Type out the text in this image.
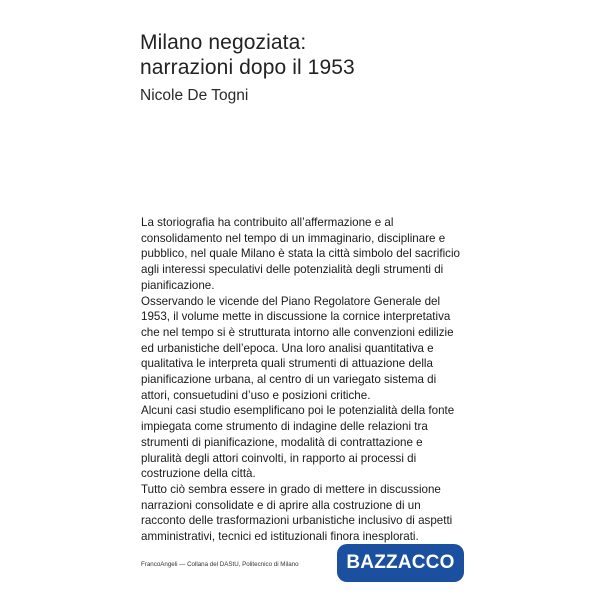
Milano negoziata:
narrazioni dopo il 1953

Nicole De Togni

La storiografia ha contribuito all’affermazione e al consolidamento nel tempo di un immaginario, disciplinare e pubblico, nel quale Milano è stata la città simbolo del sacrificio agli interessi speculativi delle potenzialità degli strumenti di pianificazione.

Osservando le vicende del Piano Regolatore Generale del 1953, il volume mette in discussione la cornice interpretativa che nel tempo si è strutturata intorno alle convenzioni edilizie ed urbanistiche dell’epoca. Una loro analisi quantitativa e qualitativa le interpreta quali strumenti di attuazione della pianificazione urbana, al centro di un variegato sistema di attori, consuetudini d’uso e posizioni critiche.

Alcuni casi studio esemplificano poi le potenzialità della fonte impiegata come strumento di indagine delle relazioni tra strumenti di pianificazione, modalità di contrattazione e pluralità degli attori coinvolti, in rapporto ai processi di costruzione della città.

Tutto ciò sembra essere in grado di mettere in discussione narrazioni consolidate e di aprire alla costruzione di un racconto delle trasformazioni urbanistiche inclusivo di aspetti amministrativi, tecnici ed istituzionali finora inesplorati.

FrancoAngeli — Collana del DAStU, Politecnico di Milano	BAZZACCO
